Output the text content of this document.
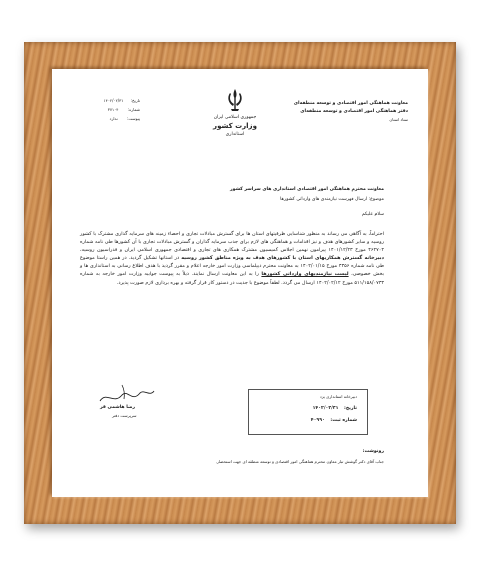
معاونت هماهنگی امور اقتصادی و توسعه منطقه‌ای
دفتر هماهنگی امور اقتصادی و توسعه منطقه‌ای
ستاد استان
جمهوری اسلامی ایران
وزارت کشور
استانداری
تاریخ: ۱۴۰۲/۰۲/۳۱
شماره: ۳۷۱۰۴
پیوست: ندارد
معاونت محترم هماهنگی امور اقتصادی استانداری های سراسر کشور
موضوع: ارسال فهرست نیازمندی های وارداتی کشورها
سلام علیکم
احتراماً، به آگاهی می رساند به منظور شناسایی ظرفیتهای استان ها برای گسترش مبادلات تجاری و احصاء زمینه های سرمایه گذاری مشترک با کشور روسیه و سایر کشورهای هدف و نیز اقدامات و هماهنگی های لازم برای جذب سرمایه گذاران و گسترش مبادلات تجاری با آن کشورها طی نامه شماره ۴۶۲۷۰۴ مورخ ۱۴۰۱/۱۲/۲۳ پیرامون نهمین اجلاس کمیسیون مشترک همکاری های تجاری و اقتصادی جمهوری اسلامی ایران و فدراسیون روسیه، دبیرخانه گسترش همکاریهای استان با کشورهای هدف به ویژه مناطق کشور روسیه در استانها تشکیل گردید. در همین راستا موضوع طی نامه شماره ۴۳۵۶ مورخ ۱۴۰۲/۰۱/۱۵ به معاونت محترم دیپلماسی وزارت امور خارجه اعلام و مقرر گردید با هدف اطلاع رسانی به استانداری ها و بخش خصوصی، لیست نیازمندیهای وارداتی کشورها را به این معاونت ارسال نمایند. ذیلاً به پیوست جوابیه وزارت امور خارجه به شماره ۵۱۱/۱۵۸/۰۷۳۳ مورخ ۱۴۰۲/۰۲/۱۲ ارسال می گردد. لطفاً موضوع با جدیت در دستور کار قرار گرفته و بهره برداری لازم صورت پذیرد.
رضا هاشمی فر
سرپرست دفتر
دبیرخانه استانداری یزد
تاریخ: ۱۴۰۲/۰۲/۳۱
شماره ثبت: ۴۰۹۹۰
رونوشت:
جناب آقای دکتر گوشش تبار معاون محترم هماهنگی امور اقتصادی و توسعه منطقه ای جهت استحضار.
